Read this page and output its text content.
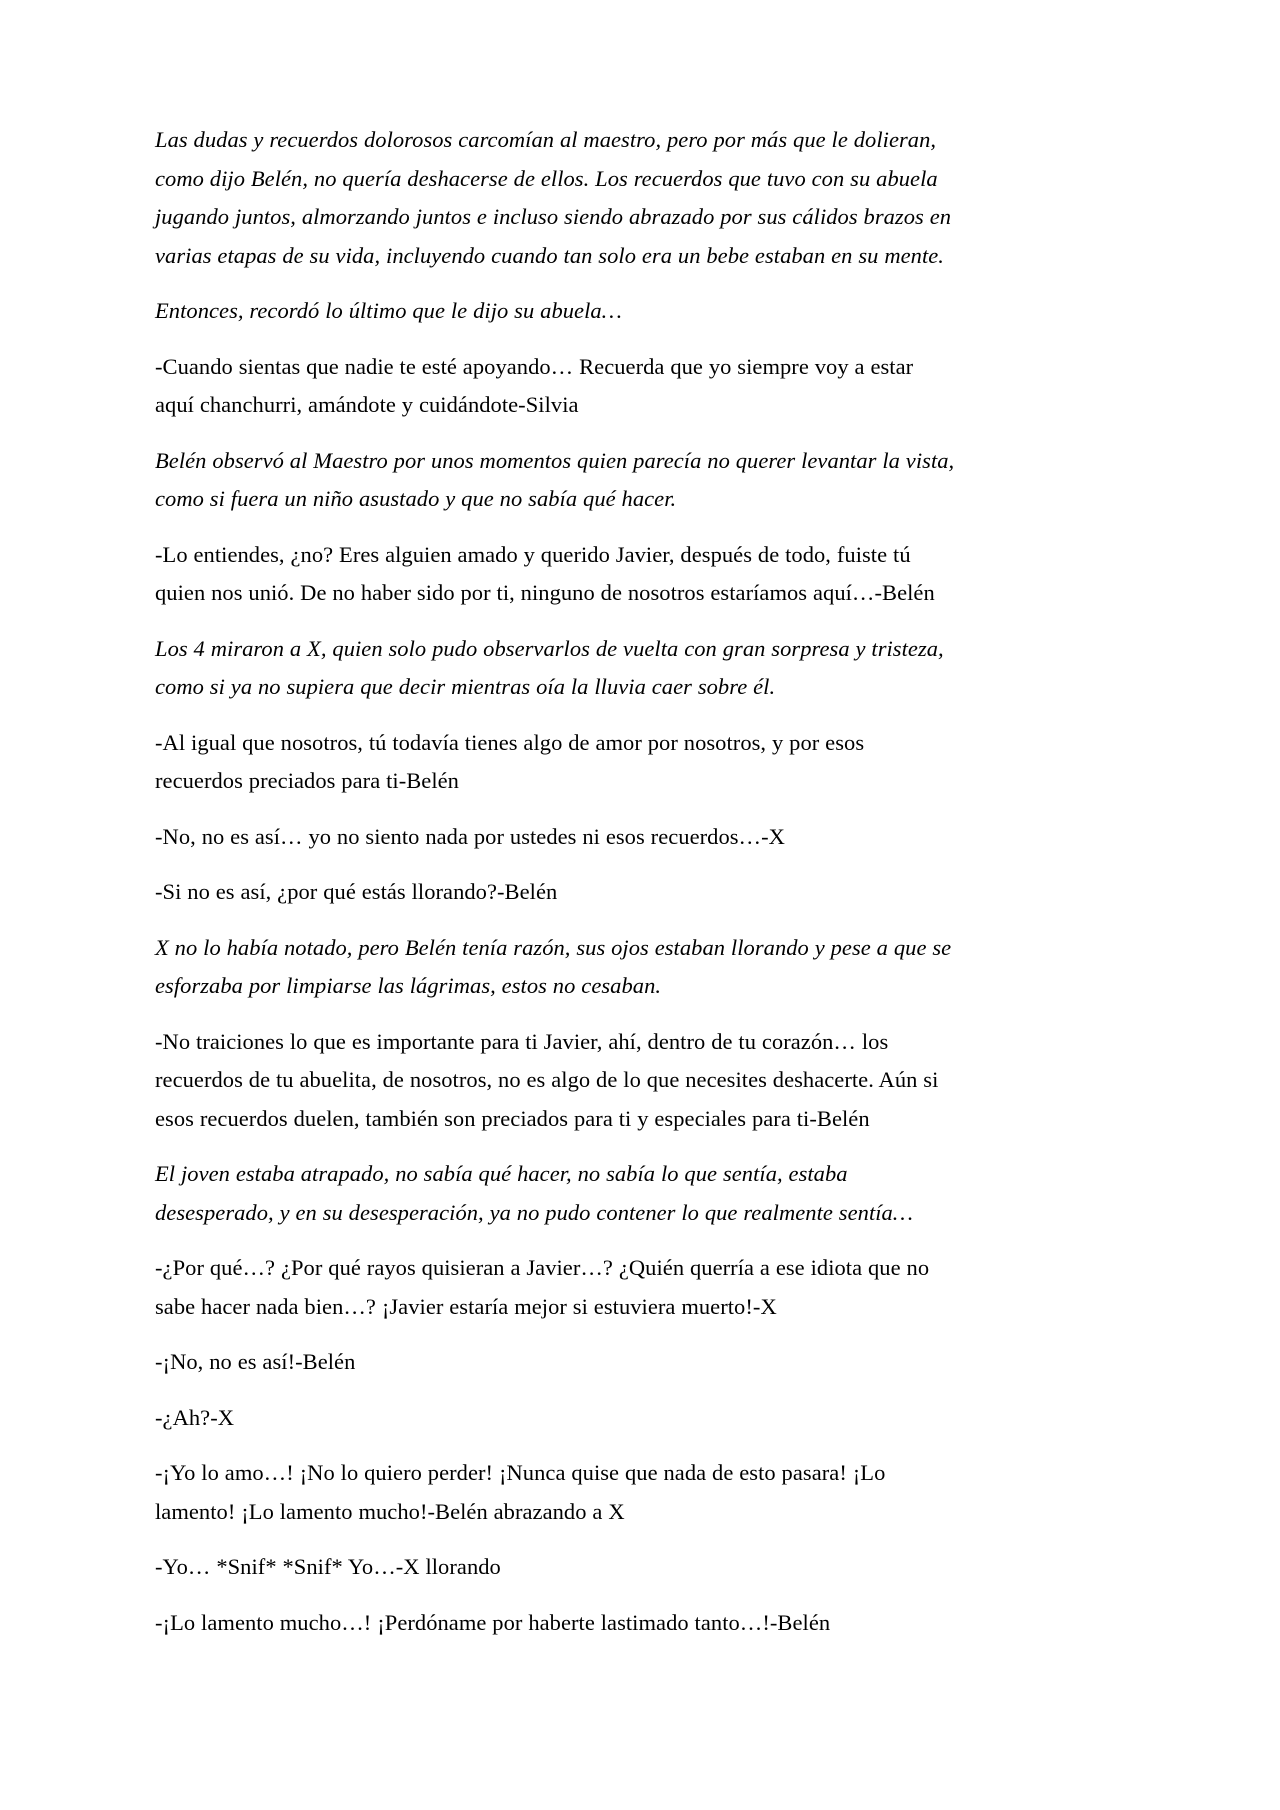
Las dudas y recuerdos dolorosos carcomían al maestro, pero por más que le dolieran, como dijo Belén, no quería deshacerse de ellos. Los recuerdos que tuvo con su abuela jugando juntos, almorzando juntos e incluso siendo abrazado por sus cálidos brazos en varias etapas de su vida, incluyendo cuando tan solo era un bebe estaban en su mente.

Entonces, recordó lo último que le dijo su abuela…

-Cuando sientas que nadie te esté apoyando… Recuerda que yo siempre voy a estar aquí chanchurri, amándote y cuidándote-Silvia

Belén observó al Maestro por unos momentos quien parecía no querer levantar la vista, como si fuera un niño asustado y que no sabía qué hacer.

-Lo entiendes, ¿no? Eres alguien amado y querido Javier, después de todo, fuiste tú quien nos unió. De no haber sido por ti, ninguno de nosotros estaríamos aquí…-Belén

Los 4 miraron a X, quien solo pudo observarlos de vuelta con gran sorpresa y tristeza, como si ya no supiera que decir mientras oía la lluvia caer sobre él.

-Al igual que nosotros, tú todavía tienes algo de amor por nosotros, y por esos recuerdos preciados para ti-Belén

-No, no es así… yo no siento nada por ustedes ni esos recuerdos…-X

-Si no es así, ¿por qué estás llorando?-Belén

X no lo había notado, pero Belén tenía razón, sus ojos estaban llorando y pese a que se esforzaba por limpiarse las lágrimas, estos no cesaban.

-No traiciones lo que es importante para ti Javier, ahí, dentro de tu corazón… los recuerdos de tu abuelita, de nosotros, no es algo de lo que necesites deshacerte. Aún si esos recuerdos duelen, también son preciados para ti y especiales para ti-Belén

El joven estaba atrapado, no sabía qué hacer, no sabía lo que sentía, estaba desesperado, y en su desesperación, ya no pudo contener lo que realmente sentía…

-¿Por qué…? ¿Por qué rayos quisieran a Javier…? ¿Quién querría a ese idiota que no sabe hacer nada bien…? ¡Javier estaría mejor si estuviera muerto!-X

-¡No, no es así!-Belén

-¿Ah?-X

-¡Yo lo amo…! ¡No lo quiero perder! ¡Nunca quise que nada de esto pasara! ¡Lo lamento! ¡Lo lamento mucho!-Belén abrazando a X

-Yo… *Snif* *Snif* Yo…-X llorando

-¡Lo lamento mucho…! ¡Perdóname por haberte lastimado tanto…!-Belén
